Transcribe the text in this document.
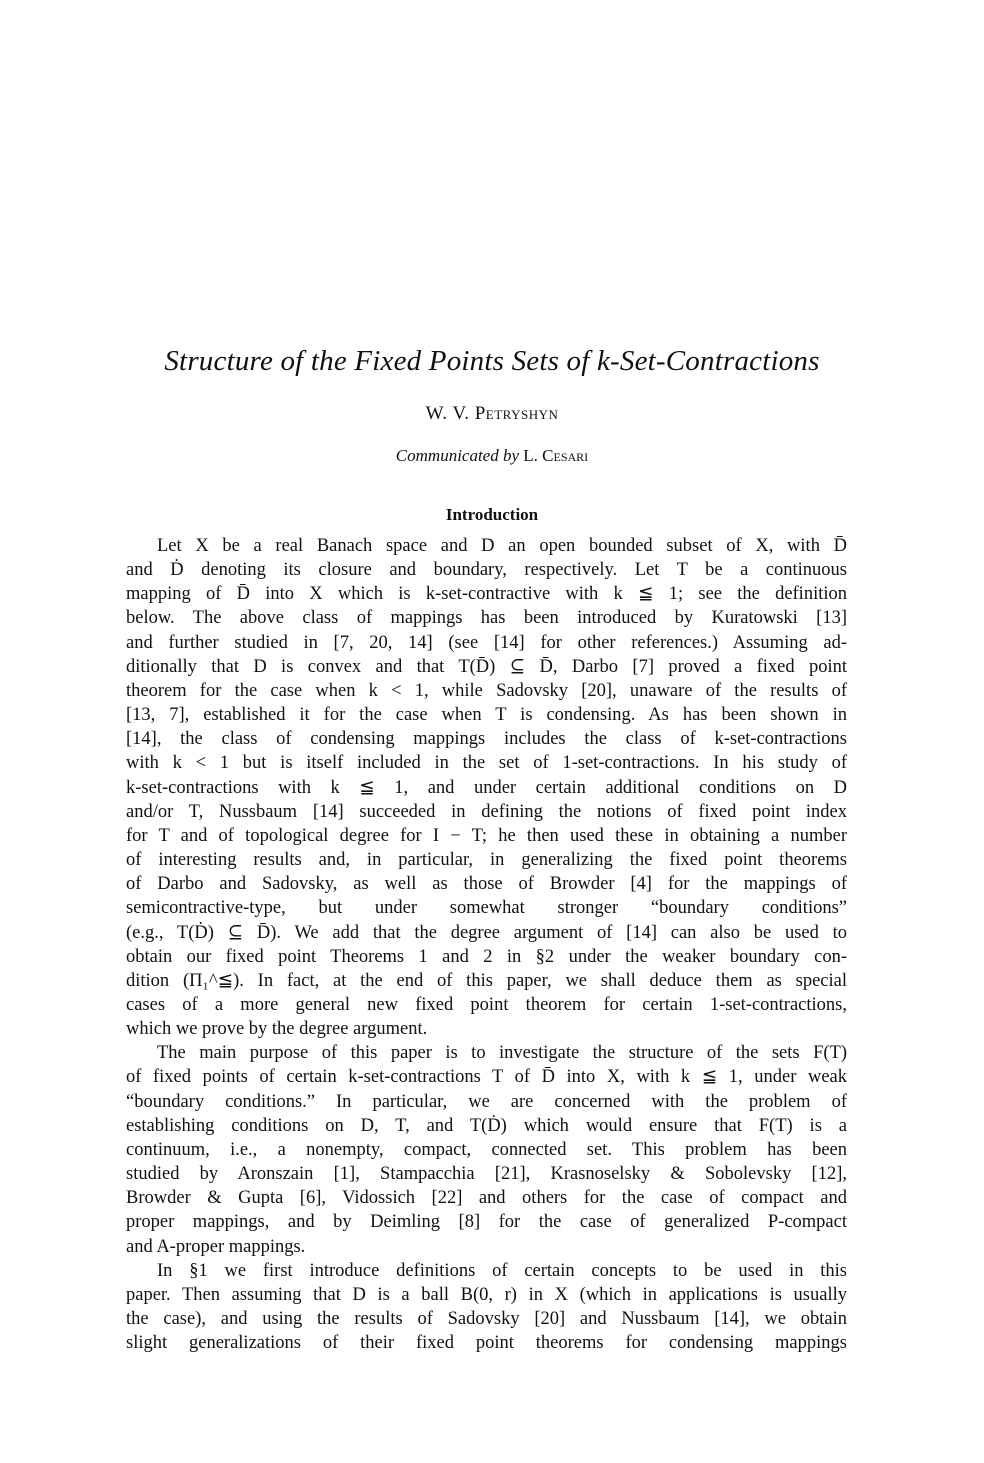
Structure of the Fixed Points Sets of k-Set-Contractions
W. V. Petryshyn
Communicated by L. Cesari
Introduction
Let X be a real Banach space and D an open bounded subset of X, with D̄
and Ḋ denoting its closure and boundary, respectively. Let T be a continuous
mapping of D̄ into X which is k-set-contractive with k ≦ 1; see the definition
below. The above class of mappings has been introduced by Kuratowski [13]
and further studied in [7, 20, 14] (see [14] for other references.) Assuming ad-
ditionally that D is convex and that T(D̄) ⊆ D̄, Darbo [7] proved a fixed point
theorem for the case when k < 1, while Sadovsky [20], unaware of the results of
[13, 7], established it for the case when T is condensing. As has been shown in
[14], the class of condensing mappings includes the class of k-set-contractions
with k < 1 but is itself included in the set of 1-set-contractions. In his study of
k-set-contractions with k ≦ 1, and under certain additional conditions on D
and/or T, Nussbaum [14] succeeded in defining the notions of fixed point index
for T and of topological degree for I − T; he then used these in obtaining a number
of interesting results and, in particular, in generalizing the fixed point theorems
of Darbo and Sadovsky, as well as those of Browder [4] for the mappings of
semicontractive-type, but under somewhat stronger “boundary conditions”
(e.g., T(Ḋ) ⊆ D̄). We add that the degree argument of [14] can also be used to
obtain our fixed point Theorems 1 and 2 in §2 under the weaker boundary con-
dition (Π₁^≦). In fact, at the end of this paper, we shall deduce them as special
cases of a more general new fixed point theorem for certain 1-set-contractions,
which we prove by the degree argument.
The main purpose of this paper is to investigate the structure of the sets F(T)
of fixed points of certain k-set-contractions T of D̄ into X, with k ≦ 1, under weak
“boundary conditions.” In particular, we are concerned with the problem of
establishing conditions on D, T, and T(Ḋ) which would ensure that F(T) is a
continuum, i.e., a nonempty, compact, connected set. This problem has been
studied by Aronszain [1], Stampacchia [21], Krasnoselsky & Sobolevsky [12],
Browder & Gupta [6], Vidossich [22] and others for the case of compact and
proper mappings, and by Deimling [8] for the case of generalized P-compact
and A-proper mappings.
In §1 we first introduce definitions of certain concepts to be used in this
paper. Then assuming that D is a ball B(0, r) in X (which in applications is usually
the case), and using the results of Sadovsky [20] and Nussbaum [14], we obtain
slight generalizations of their fixed point theorems for condensing mappings
